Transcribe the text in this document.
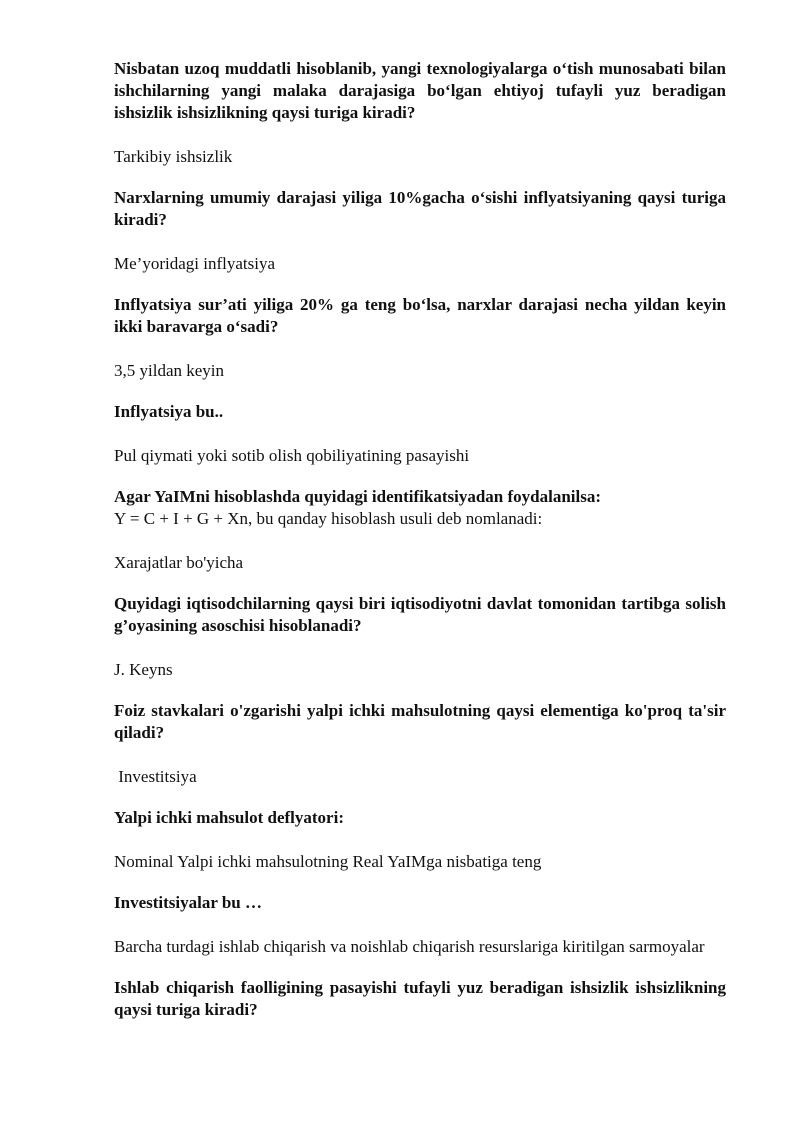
Nisbatan uzoq muddatli hisoblanib, yangi texnologiyalarga o‘tish munosabati bilan ishchilarning yangi malaka darajasiga bo‘lgan ehtiyoj tufayli yuz beradigan ishsizlik ishsizlikning qaysi turiga kiradi?

Tarkibiy ishsizlik

Narxlarning umumiy darajasi yiliga 10%gacha o‘sishi inflyatsiyaning qaysi turiga kiradi?

Me’yoridagi inflyatsiya

Inflyatsiya sur’ati yiliga 20% ga teng bo‘lsa, narxlar darajasi necha yildan keyin ikki baravarga o‘sadi?

3,5 yildan keyin

Inflyatsiya bu..

Pul qiymati yoki sotib olish qobiliyatining pasayishi

Agar YaIMni hisoblashda quyidagi identifikatsiyadan foydalanilsa:

Y = C + I + G + Xn, bu qanday hisoblash usuli deb nomlanadi:

Xarajatlar bo'yicha

Quyidagi iqtisodchilarning qaysi biri iqtisodiyotni davlat tomonidan tartibga solish g’oyasining asoschisi hisoblanadi?

J. Keyns

Foiz stavkalari o'zgarishi yalpi ichki mahsulotning qaysi elementiga ko'proq ta'sir qiladi?

Investitsiya

Yalpi ichki mahsulot deflyatori:

Nominal Yalpi ichki mahsulotning Real YaIMga nisbatiga teng

Investitsiyalar bu …

Barcha turdagi ishlab chiqarish va noishlab chiqarish resurslariga kiritilgan sarmoyalar

Ishlab chiqarish faolligining pasayishi tufayli yuz beradigan ishsizlik ishsizlikning qaysi turiga kiradi?
